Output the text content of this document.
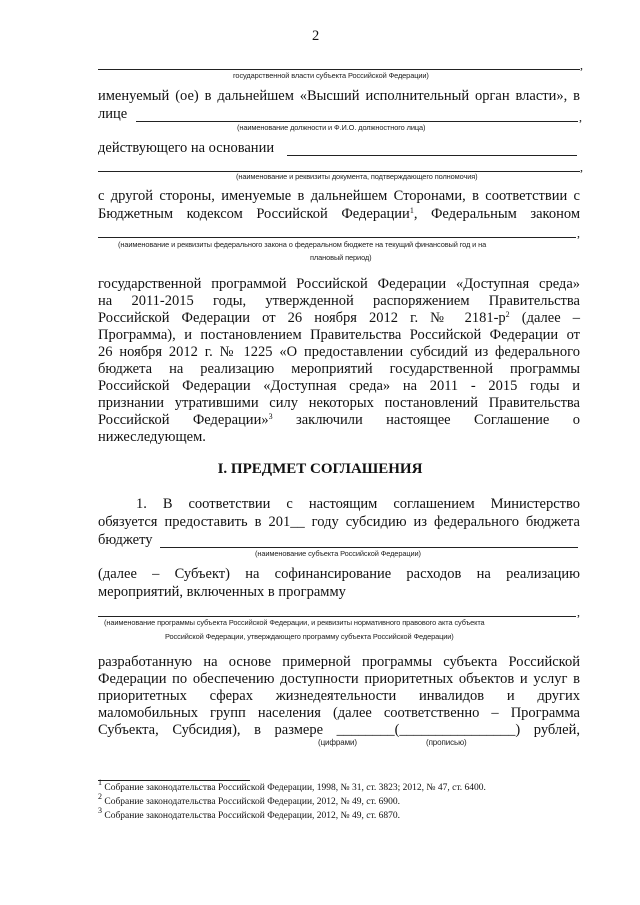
2
,
государственной власти субъекта Российской Федерации)
именуемый (ое) в дальнейшем «Высший исполнительный орган власти», в
лице	,
(наименование должности и Ф.И.О. должностного лица)
действующего на основании
,
(наименование и реквизиты документа, подтверждающего полномочия)
с другой стороны, именуемые в дальнейшем Сторонами, в соответствии с
Бюджетным кодексом Российской Федерации$^1$, Федеральным законом
,
(наименование и реквизиты федерального закона о федеральном бюджете на текущий финансовый год и на
плановый период)
государственной программой Российской Федерации «Доступная среда»
на 2011-2015 годы, утвержденной распоряжением Правительства
Российской Федерации от 26 ноября 2012 г. № $2181-р^2$ (далее –
Программа), и постановлением Правительства Российской Федерации от
26 ноября 2012 г. № 1225 «О предоставлении субсидий из федерального
бюджета на реализацию мероприятий государственной программы
Российской Федерации «Доступная среда» на 2011 - 2015 годы и
признании утратившими силу некоторых постановлений Правительства
Российской Федерации»$^3$ заключили настоящее Соглашение о
нижеследующем.
I. ПРЕДМЕТ СОГЛАШЕНИЯ
1. В соответствии с настоящим соглашением Министерство
обязуется предоставить в 201__ году субсидию из федерального бюджета
бюджету
(наименование субъекта Российской Федерации)
(далее – Субъект) на софинансирование расходов на реализацию
мероприятий, включенных в программу
,
(наименование программы субъекта Российской Федерации, и реквизиты нормативного правового акта субъекта
Российской Федерации, утверждающего программу субъекта Российской Федерации)
разработанную на основе примерной программы субъекта Российской
Федерации по обеспечению доступности приоритетных объектов и услуг в
приоритетных сферах жизнедеятельности инвалидов и других
маломобильных групп населения (далее соответственно – Программа
Субъекта, Субсидия), в размере ________(________________) рублей,
(цифрами)	(прописью)
$^1$ Собрание законодательства Российской Федерации, 1998, № 31, ст. 3823; 2012, № 47, ст. 6400.
$^2$ Собрание законодательства Российской Федерации, 2012, № 49, ст. 6900.
$^3$ Собрание законодательства Российской Федерации, 2012, № 49, ст. 6870.
